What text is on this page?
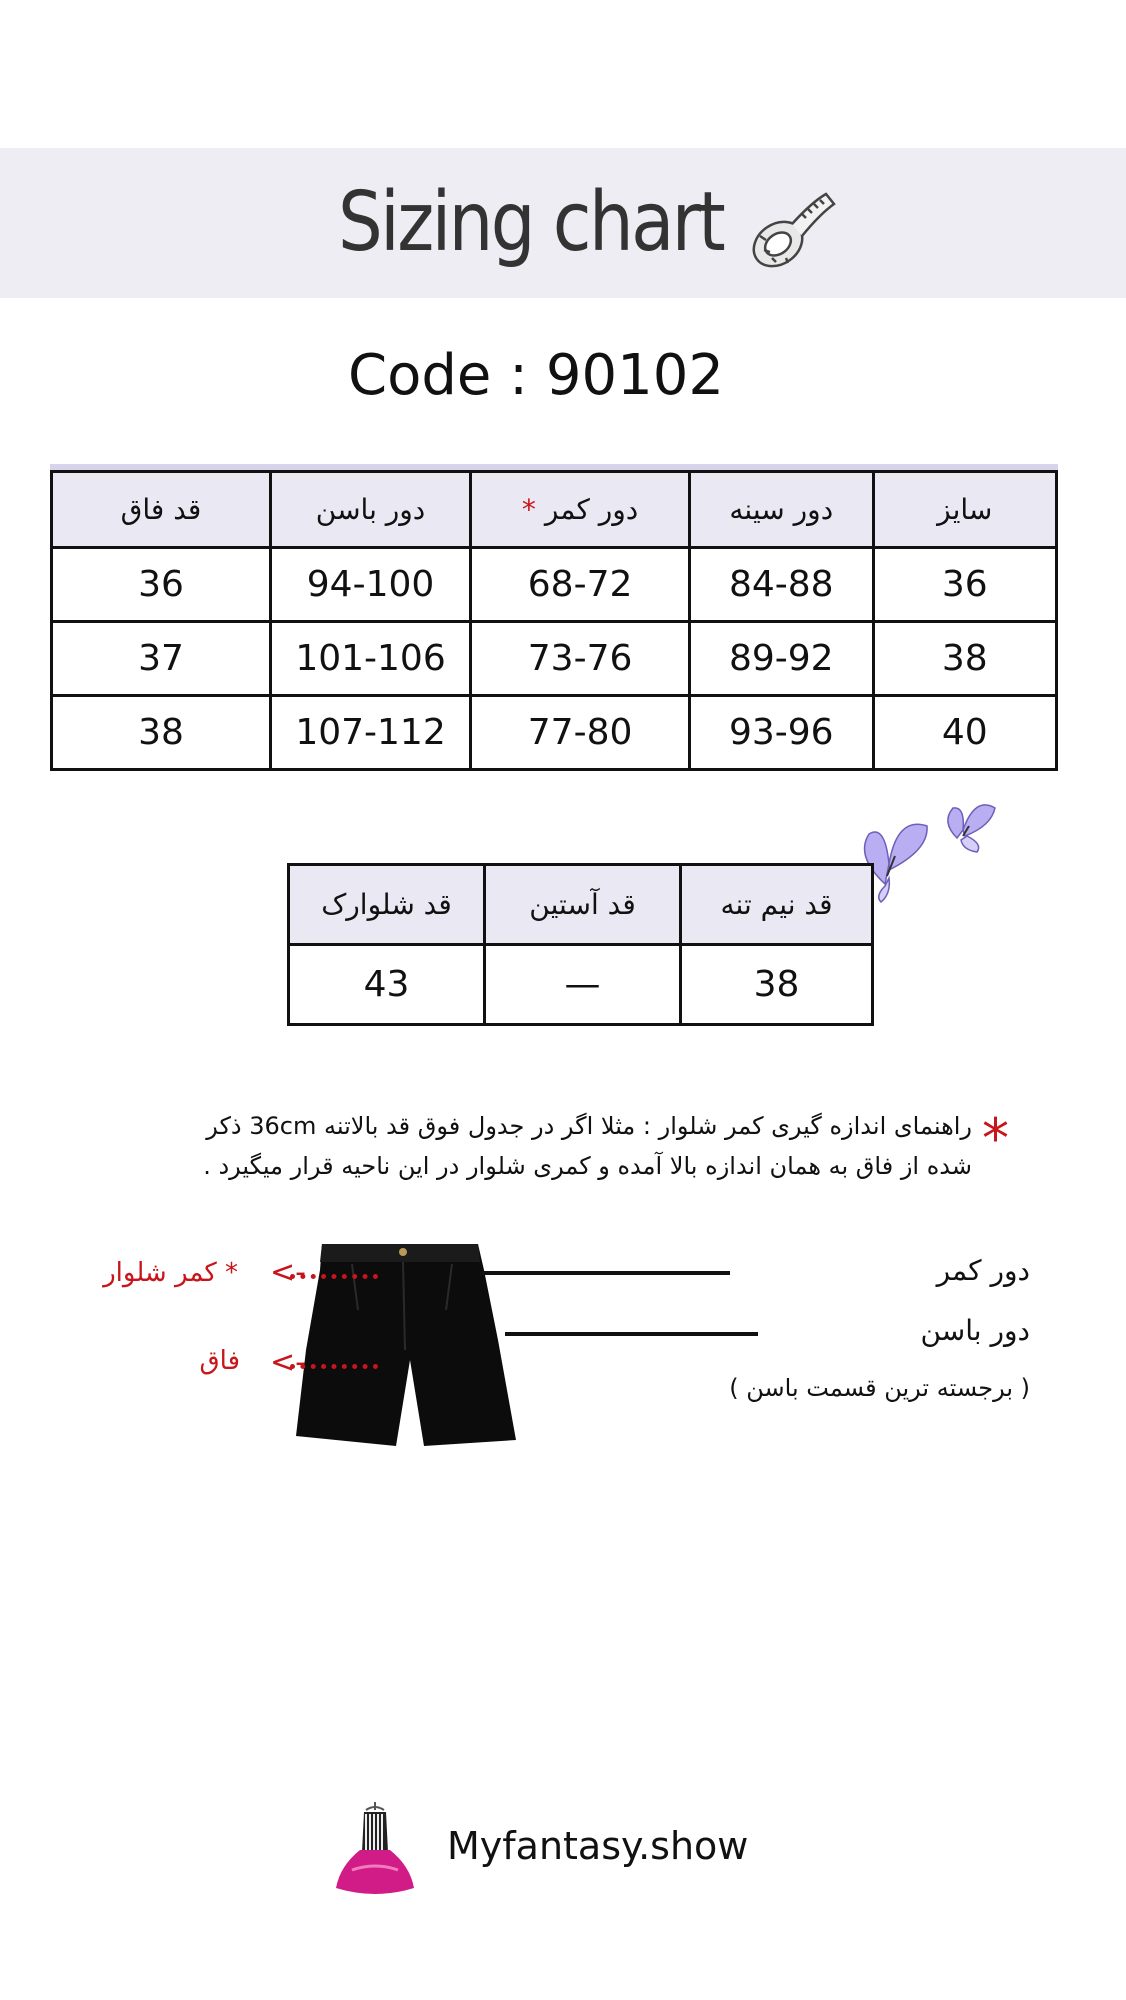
Sizing chart
Code : 90102
سایز	دور سینه	دور کمر *	دور باسن	قد فاق
36	84-88	68-72	94-100	36
38	89-92	73-76	101-106	37
40	93-96	77-80	107-112	38
قد نیم تنه	قد آستین	قد شلوارک
38	—	43
*
راهنمای اندازه گیری کمر شلوار : مثلا اگر در جدول فوق قد بالاتنه 36cm ذکر
شده از فاق به همان اندازه بالا آمده و کمری شلوار در این ناحیه قرار میگیرد .
<-
<-
* کمر شلوار
فاق
دور کمر
دور باسن
( برجسته ترین قسمت باسن )
Myfantasy.show
